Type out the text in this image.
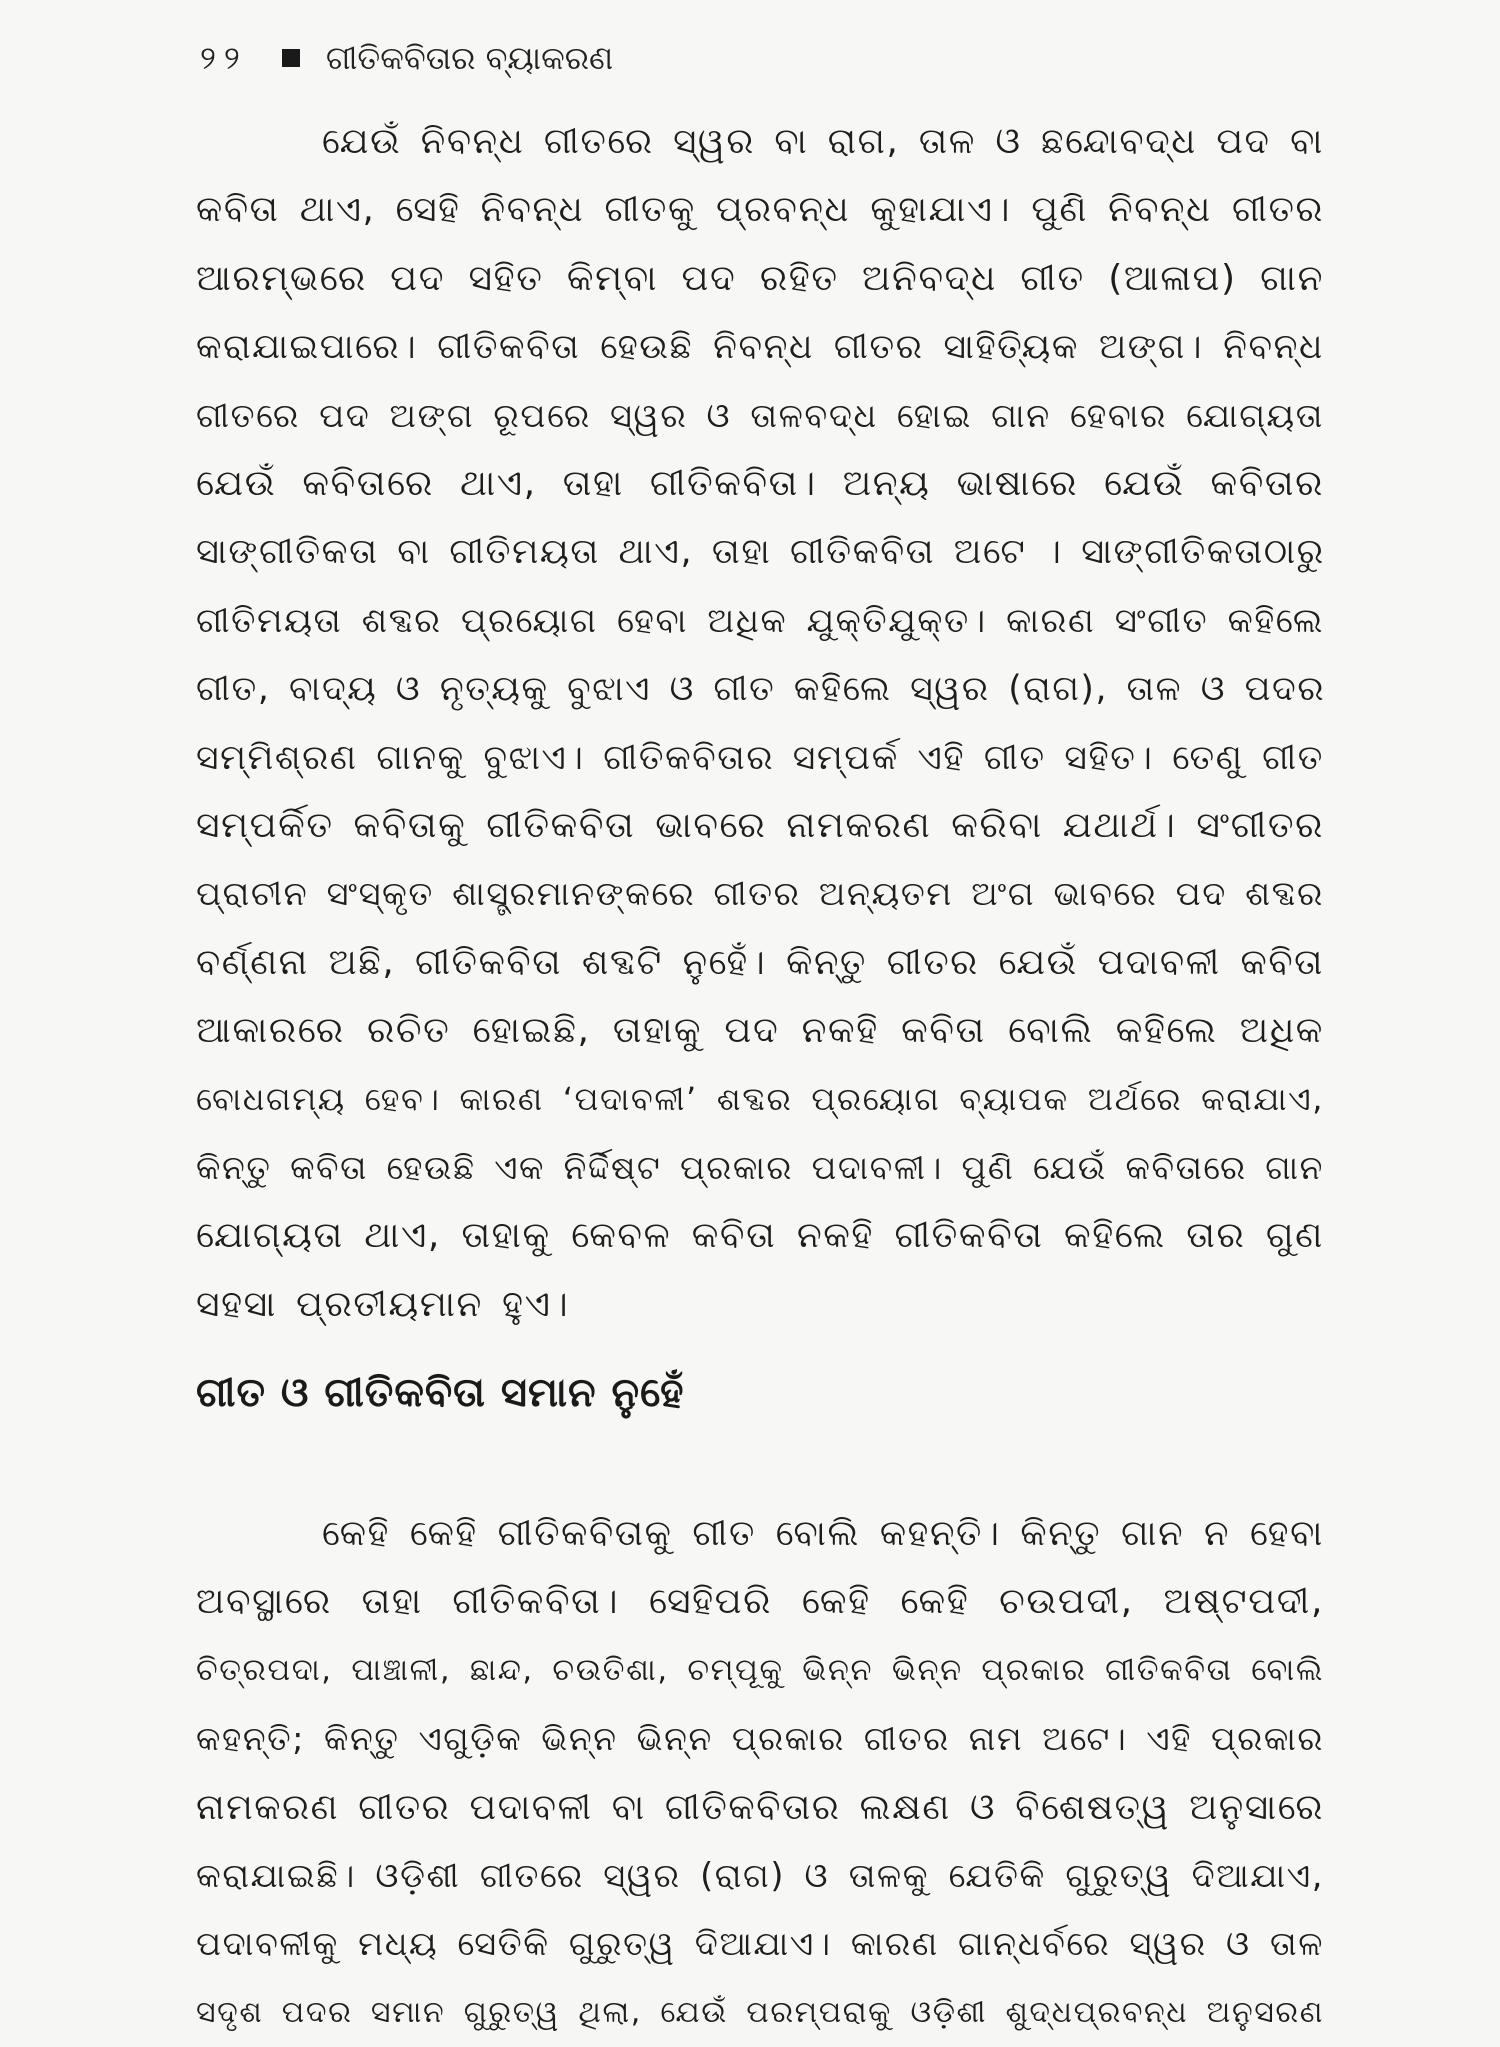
୨୨ ଗୀତିକବିତାର ବ୍ୟାକରଣ
ଯେଉଁ ନିବନ୍ଧ ଗୀତରେ ସ୍ୱର ବା ରାଗ, ତାଳ ଓ ଛନ୍ଦୋବଦ୍ଧ ପଦ ବା
କବିତା ଥାଏ, ସେହି ନିବନ୍ଧ ଗୀତକୁ ପ୍ରବନ୍ଧ କୁହାଯାଏ। ପୁଣି ନିବନ୍ଧ ଗୀତର
ଆରମ୍ଭରେ ପଦ ସହିତ କିମ୍ବା ପଦ ରହିତ ଅନିବଦ୍ଧ ଗୀତ (ଆଳାପ) ଗାନ
କରାଯାଇପାରେ। ଗୀତିକବିତା ହେଉଛି ନିବନ୍ଧ ଗୀତର ସାହିତ୍ୟିକ ଅଙ୍ଗ। ନିବନ୍ଧ
ଗୀତରେ ପଦ ଅଙ୍ଗ ରୂପରେ ସ୍ୱର ଓ ତାଳବଦ୍ଧ ହୋଇ ଗାନ ହେବାର ଯୋଗ୍ୟତା
ଯେଉଁ କବିତାରେ ଥାଏ, ତାହା ଗୀତିକବିତା। ଅନ୍ୟ ଭାଷାରେ ଯେଉଁ କବିତାର
ସାଙ୍ଗୀତିକତା ବା ଗୀତିମୟତା ଥାଏ, ତାହା ଗୀତିକବିତା ଅଟେ । ସାଙ୍ଗୀତିକତାଠାରୁ
ଗୀତିମୟତା ଶବ୍ଦର ପ୍ରୟୋଗ ହେବା ଅଧିକ ଯୁକ୍ତିଯୁକ୍ତ। କାରଣ ସଂଗୀତ କହିଲେ
ଗୀତ, ବାଦ୍ୟ ଓ ନୃତ୍ୟକୁ ବୁଝାଏ ଓ ଗୀତ କହିଲେ ସ୍ୱର (ରାଗ), ତାଳ ଓ ପଦର
ସମ୍ମିଶ୍ରଣ ଗାନକୁ ବୁଝାଏ। ଗୀତିକବିତାର ସମ୍ପର୍କ ଏହି ଗୀତ ସହିତ। ତେଣୁ ଗୀତ
ସମ୍ପର୍କିତ କବିତାକୁ ଗୀତିକବିତା ଭାବରେ ନାମକରଣ କରିବା ଯଥାର୍ଥ। ସଂଗୀତର
ପ୍ରାଚୀନ ସଂସ୍କୃତ ଶାସ୍ତ୍ରମାନଙ୍କରେ ଗୀତର ଅନ୍ୟତମ ଅଂଗ ଭାବରେ ପଦ ଶବ୍ଦର
ବର୍ଣ୍ଣନା ଅଛି, ଗୀତିକବିତା ଶବ୍ଦଟି ନୁହେଁ। କିନ୍ତୁ ଗୀତର ଯେଉଁ ପଦାବଳୀ କବିତା
ଆକାରରେ ରଚିତ ହୋଇଛି, ତାହାକୁ ପଦ ନକହି କବିତା ବୋଲି କହିଲେ ଅଧିକ
ବୋଧଗମ୍ୟ ହେବ। କାରଣ ‘ପଦାବଳୀ’ ଶବ୍ଦର ପ୍ରୟୋଗ ବ୍ୟାପକ ଅର୍ଥରେ କରାଯାଏ,
କିନ୍ତୁ କବିତା ହେଉଛି ଏକ ନିର୍ଦ୍ଦିଷ୍ଟ ପ୍ରକାର ପଦାବଳୀ। ପୁଣି ଯେଉଁ କବିତାରେ ଗାନ
ଯୋଗ୍ୟତା ଥାଏ, ତାହାକୁ କେବଳ କବିତା ନକହି ଗୀତିକବିତା କହିଲେ ତାର ଗୁଣ
ସହସା ପ୍ରତୀୟମାନ ହୁଏ।
ଗୀତ ଓ ଗୀତିକବିତା ସମାନ ନୁହେଁ
କେହି କେହି ଗୀତିକବିତାକୁ ଗୀତ ବୋଲି କହନ୍ତି। କିନ୍ତୁ ଗାନ ନ ହେବା
ଅବସ୍ଥାରେ ତାହା ଗୀତିକବିତା। ସେହିପରି କେହି କେହି ଚଉପଦୀ, ଅଷ୍ଟପଦୀ,
ଚିତ୍ରପଦା, ପାଞ୍ଚାଳୀ, ଛାନ୍ଦ, ଚଉତିଶା, ଚମ୍ପୂକୁ ଭିନ୍ନ ଭିନ୍ନ ପ୍ରକାର ଗୀତିକବିତା ବୋଲି
କହନ୍ତି; କିନ୍ତୁ ଏଗୁଡ଼ିକ ଭିନ୍ନ ଭିନ୍ନ ପ୍ରକାର ଗୀତର ନାମ ଅଟେ। ଏହି ପ୍ରକାର
ନାମକରଣ ଗୀତର ପଦାବଳୀ ବା ଗୀତିକବିତାର ଲକ୍ଷଣ ଓ ବିଶେଷତ୍ୱ ଅନୁସାରେ
କରାଯାଇଛି। ଓଡ଼ିଶୀ ଗୀତରେ ସ୍ୱର (ରାଗ) ଓ ତାଳକୁ ଯେତିକି ଗୁରୁତ୍ୱ ଦିଆଯାଏ,
ପଦାବଳୀକୁ ମଧ୍ୟ ସେତିକି ଗୁରୁତ୍ୱ ଦିଆଯାଏ। କାରଣ ଗାନ୍ଧର୍ବରେ ସ୍ୱର ଓ ତାଳ
ସଦୃଶ ପଦର ସମାନ ଗୁରୁତ୍ୱ ଥିଲା, ଯେଉଁ ପରମ୍ପରାକୁ ଓଡ଼ିଶୀ ଶୁଦ୍ଧପ୍ରବନ୍ଧ ଅନୁସରଣ
